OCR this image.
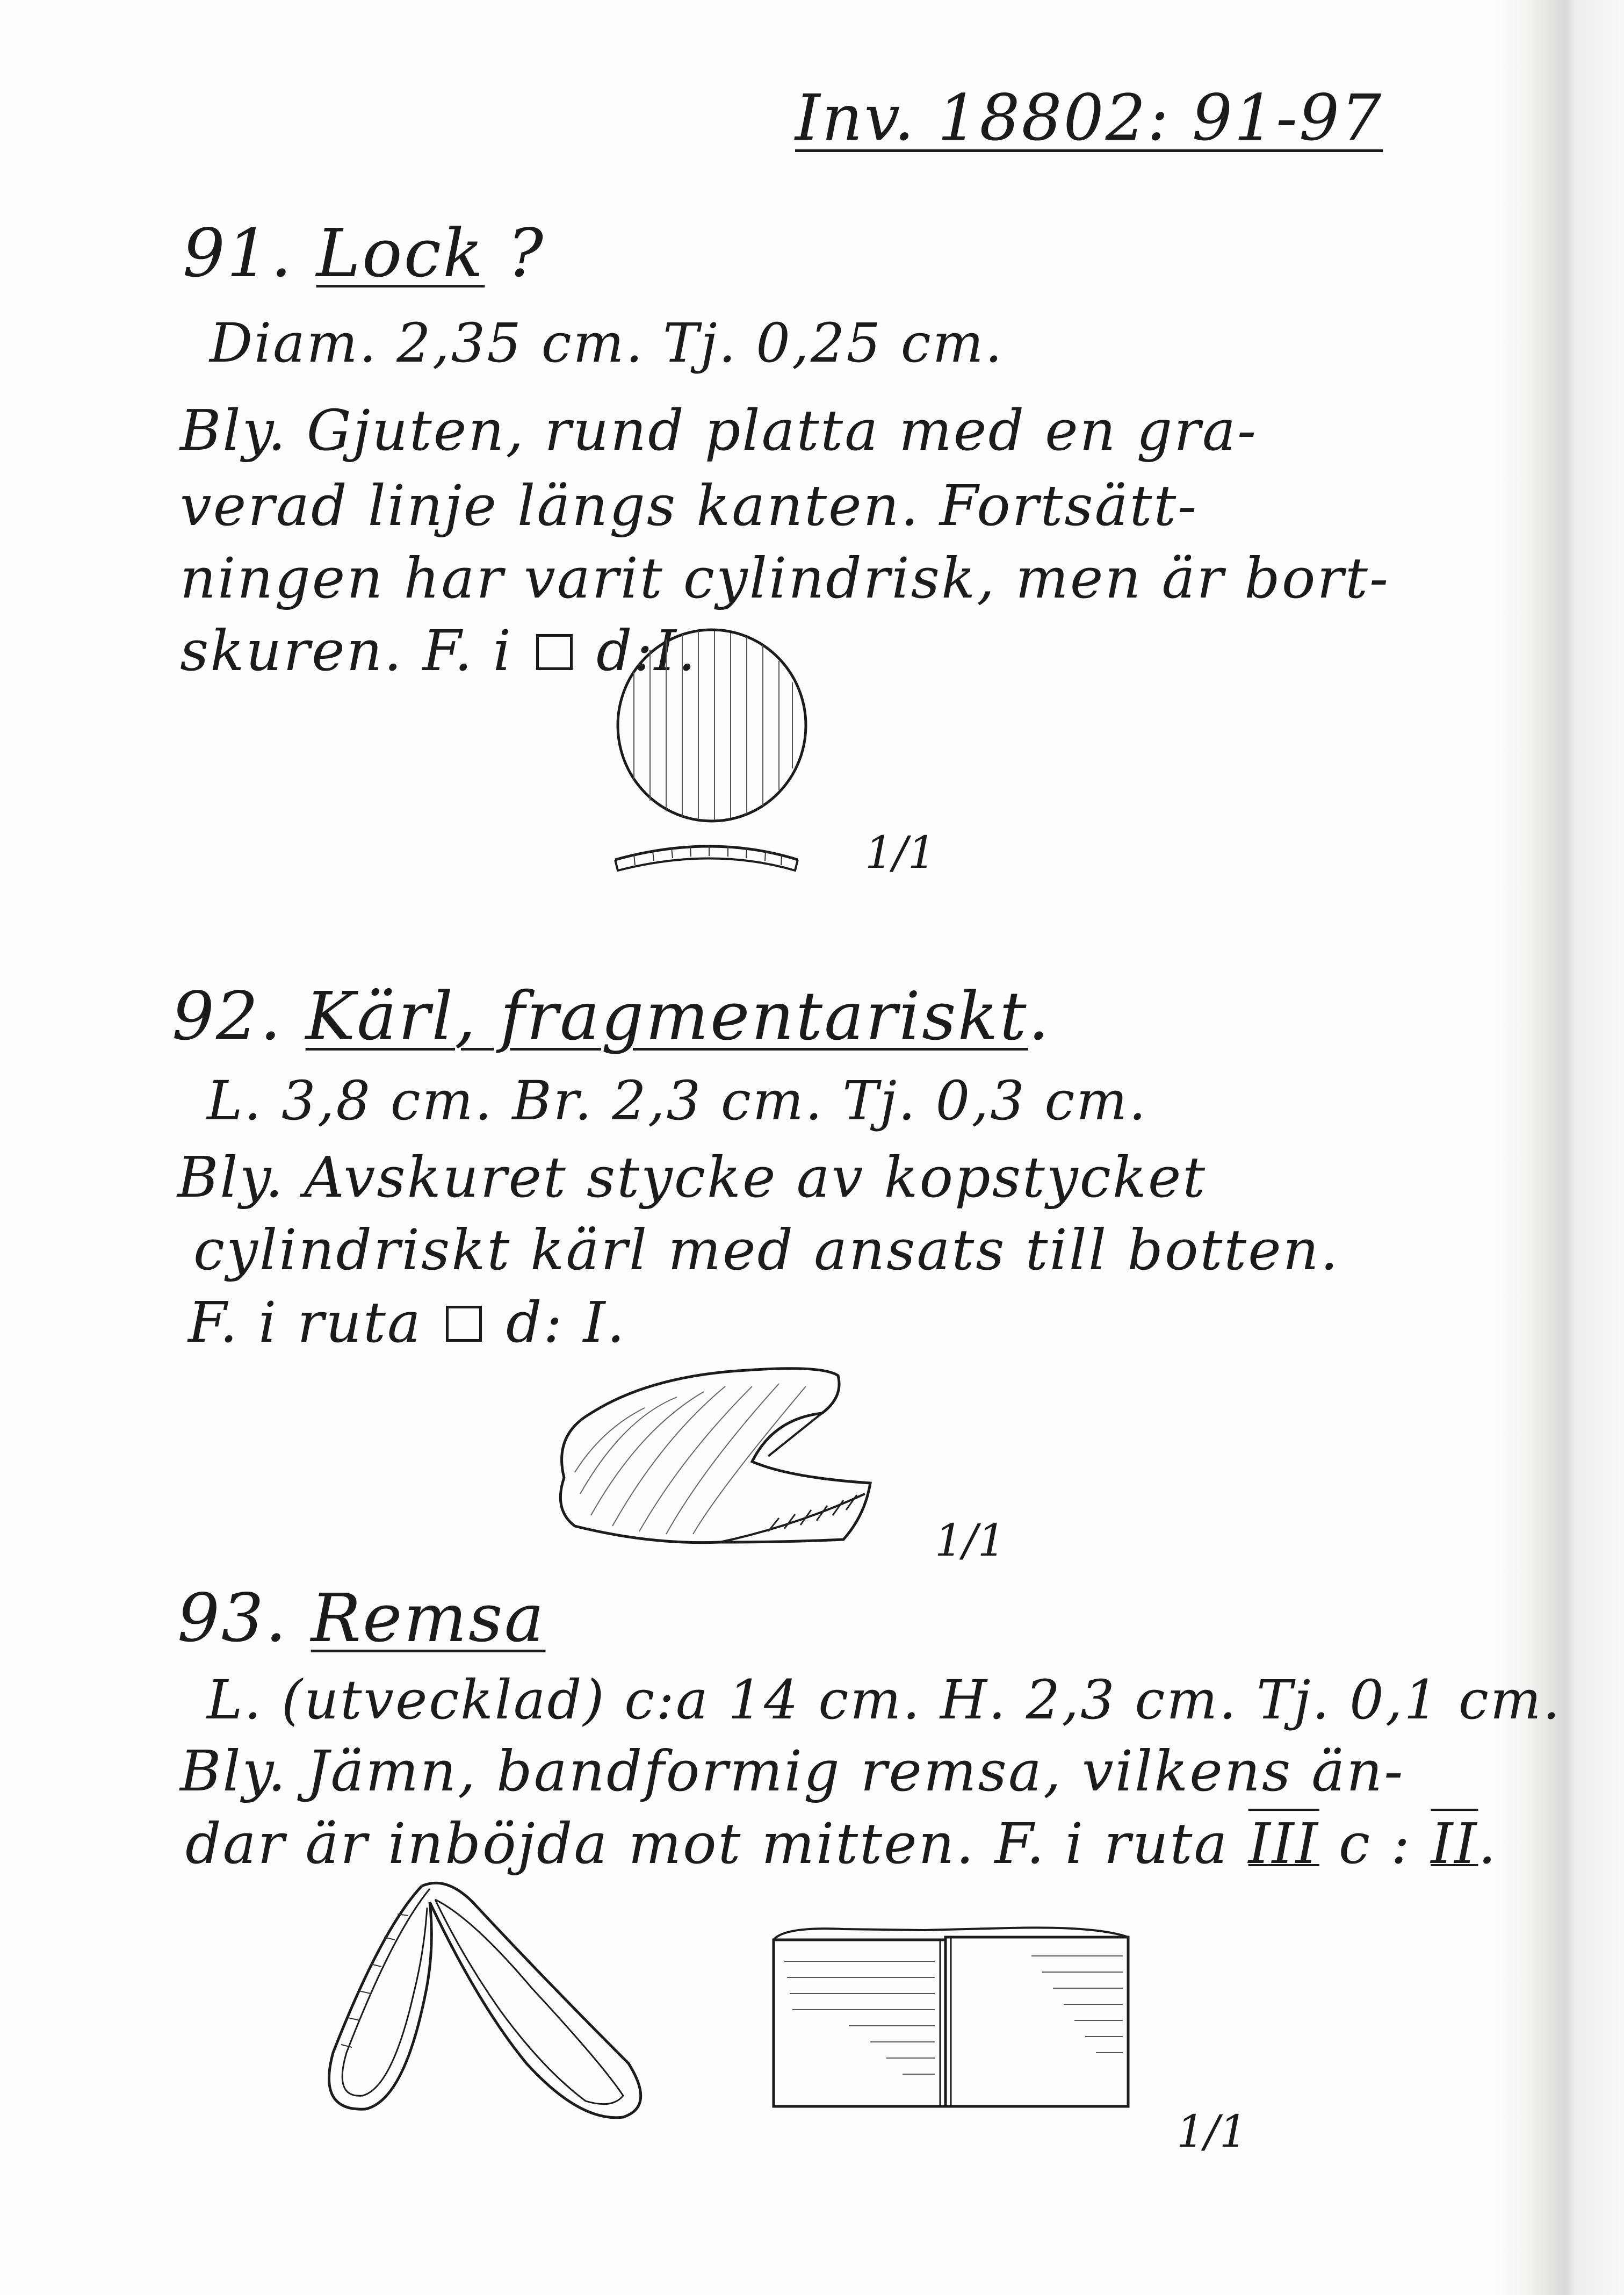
Inv. 18802: 91-97
91. Lock ?
Diam. 2,35 cm. Tj. 0,25 cm.
Bly. Gjuten, rund platta med en gra-
verad linje längs kanten. Fortsätt-
ningen har varit cylindrisk, men är bort-
skuren. F. i  d:I.
1/1
92. Kärl, fragmentariskt.
L. 3,8 cm. Br. 2,3 cm. Tj. 0,3 cm.
Bly. Avskuret stycke av kopstycket
cylindriskt kärl med ansats till botten.
F. i ruta  d: I.
1/1
93. Remsa
L. (utvecklad) c:a 14 cm. H. 2,3 cm. Tj. 0,1 cm.
Bly. Jämn, bandformig remsa, vilkens än-
dar är inböjda mot mitten. F. i ruta III c : II.
1/1
